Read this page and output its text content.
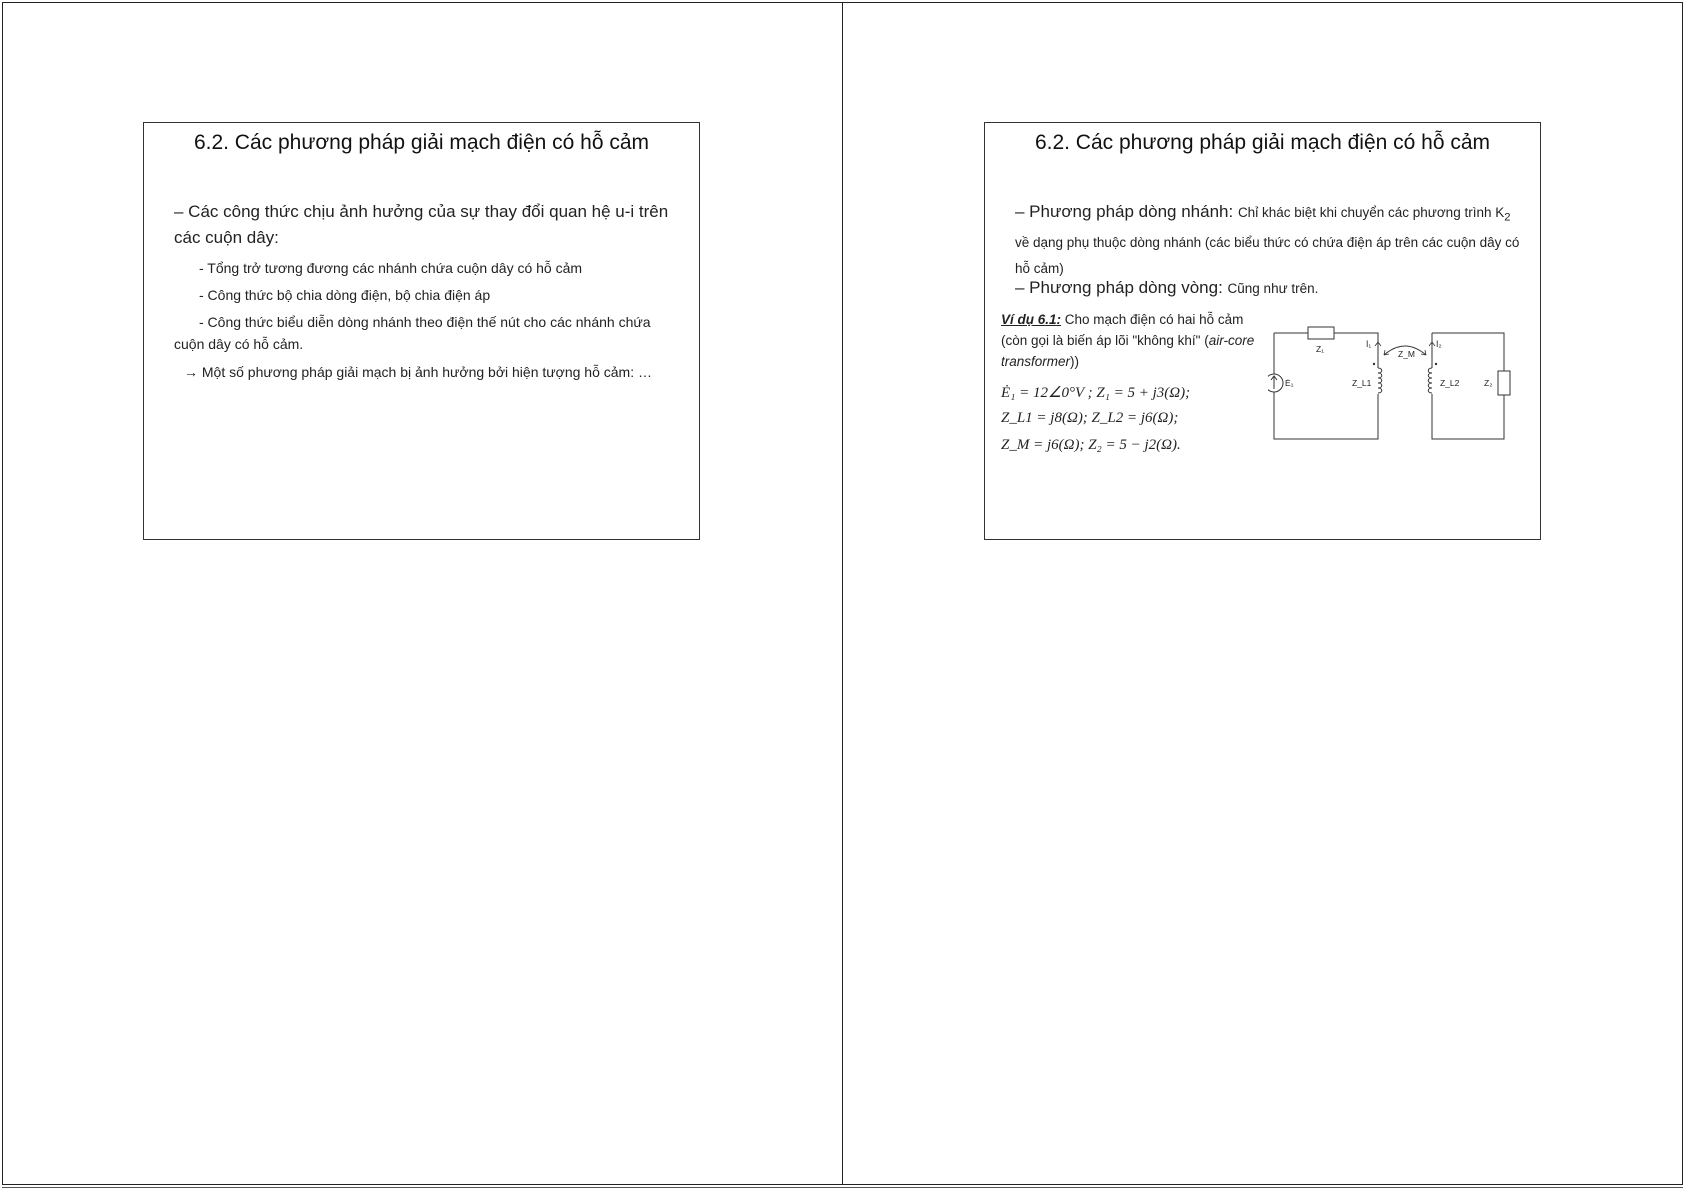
6.2. Các phương pháp giải mạch điện có hỗ cảm
– Các công thức chịu ảnh hưởng của sự thay đổi quan hệ u-i trên các cuộn dây:
- Tổng trở tương đương các nhánh chứa cuộn dây có hỗ cảm
- Công thức bộ chia dòng điện, bộ chia điện áp
- Công thức biểu diễn dòng nhánh theo điện thế nút cho các nhánh chứa cuộn dây có hỗ cảm.
→ Một số phương pháp giải mạch bị ảnh hưởng bởi hiện tượng hỗ cảm: …
6.2. Các phương pháp giải mạch điện có hỗ cảm
– Phương pháp dòng nhánh: Chỉ khác biệt khi chuyển các phương trình $K_2$ về dạng phụ thuộc dòng nhánh (các biểu thức có chứa điện áp trên các cuộn dây có hỗ cảm)
– Phương pháp dòng vòng: Cũng như trên.
Ví dụ 6.1: Cho mạch điện có hai hỗ cảm (còn gọi là biến áp lõi "không khí" (air-core transformer))
Ė₁ = 12∠0°V ; Z₁ = 5 + j3(Ω);
Z_L1 = j8(Ω); Z_L2 = j6(Ω);
Z_M = j6(Ω); Z₂ = 5 − j2(Ω).
Z₁	İ₁	İ₂
Z_M
Ė₁	Z_L1	Z_L2	Z₂
